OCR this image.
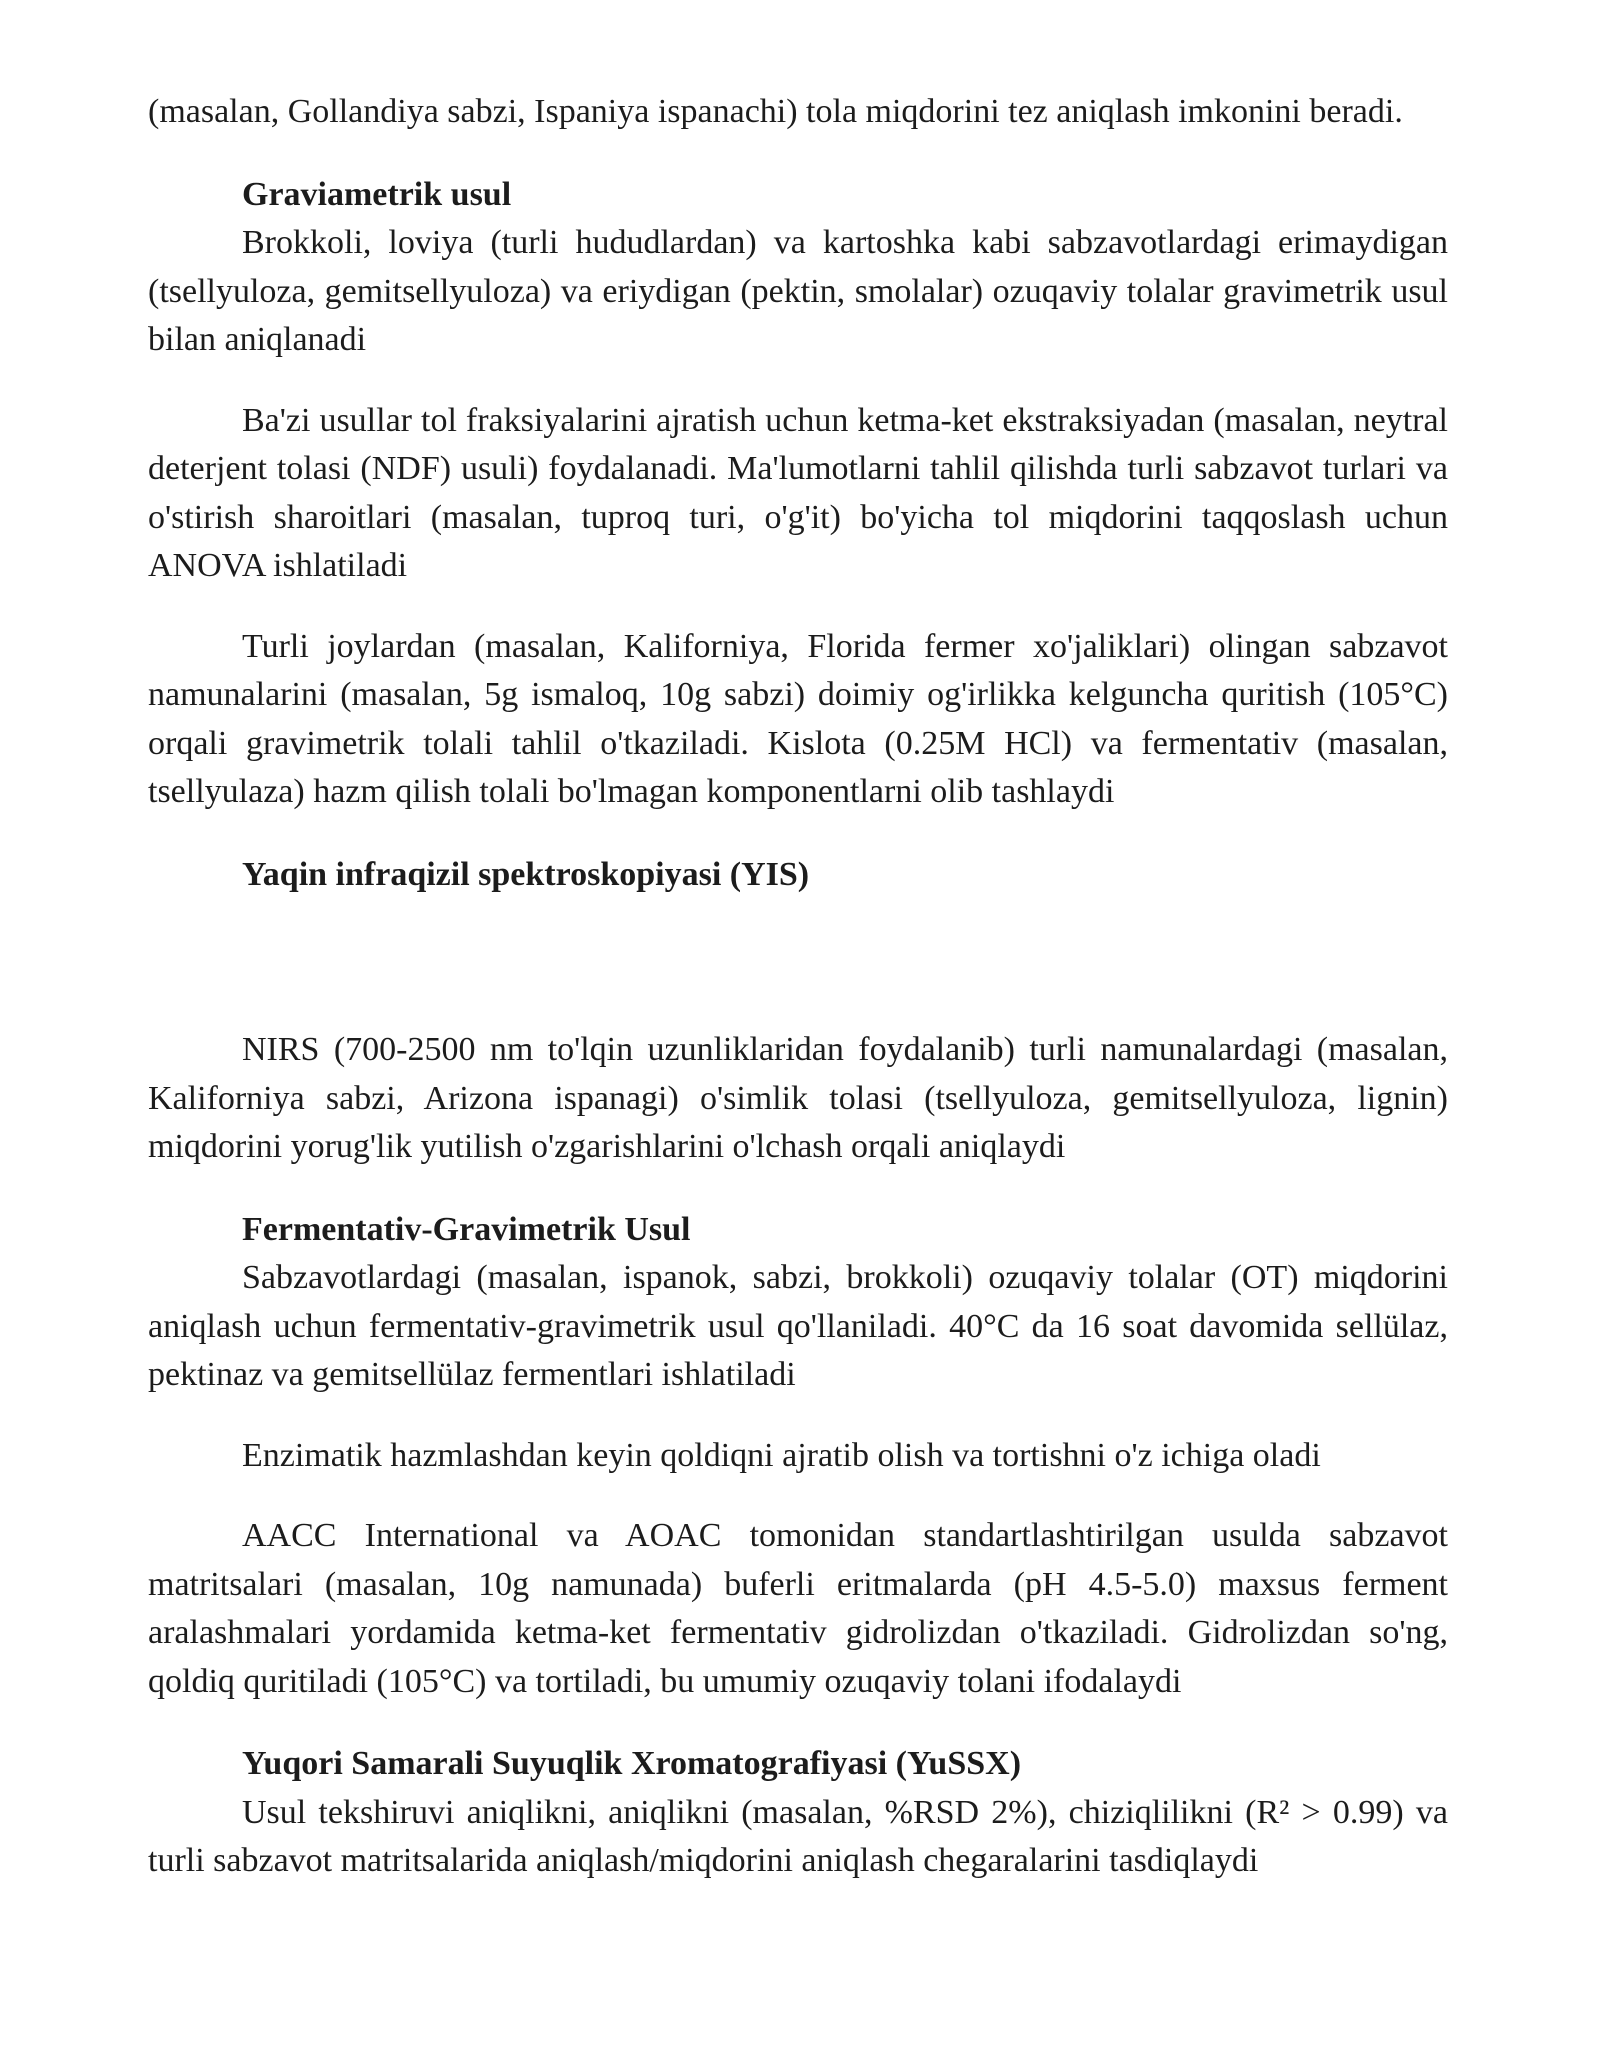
(masalan, Gollandiya sabzi, Ispaniya ispanachi) tola miqdorini tez aniqlash imkonini beradi.

Graviametrik usul

Brokkoli, loviya (turli hududlardan) va kartoshka kabi sabzavotlardagi erimaydigan (tsellyuloza, gemitsellyuloza) va eriydigan (pektin, smolalar) ozuqaviy tolalar gravimetrik usul bilan aniqlanadi

Ba'zi usullar tol fraksiyalarini ajratish uchun ketma-ket ekstraksiyadan (masalan, neytral deterjent tolasi (NDF) usuli) foydalanadi. Ma'lumotlarni tahlil qilishda turli sabzavot turlari va o'stirish sharoitlari (masalan, tuproq turi, o'g'it) bo'yicha tol miqdorini taqqoslash uchun ANOVA ishlatiladi

Turli joylardan (masalan, Kaliforniya, Florida fermer xo'jaliklari) olingan sabzavot namunalarini (masalan, 5g ismaloq, 10g sabzi) doimiy og'irlikka kelguncha quritish (105°C) orqali gravimetrik tolali tahlil o'tkaziladi. Kislota (0.25M HCl) va fermentativ (masalan, tsellyulaza) hazm qilish tolali bo'lmagan komponentlarni olib tashlaydi

Yaqin infraqizil spektroskopiyasi (YIS)

NIRS (700-2500 nm to'lqin uzunliklaridan foydalanib) turli namunalardagi (masalan, Kaliforniya sabzi, Arizona ispanagi) o'simlik tolasi (tsellyuloza, gemitsellyuloza, lignin) miqdorini yorug'lik yutilish o'zgarishlarini o'lchash orqali aniqlaydi

Fermentativ-Gravimetrik Usul

Sabzavotlardagi (masalan, ispanok, sabzi, brokkoli) ozuqaviy tolalar (OT) miqdorini aniqlash uchun fermentativ-gravimetrik usul qo'llaniladi. 40°C da 16 soat davomida sellülaz, pektinaz va gemitsellülaz fermentlari ishlatiladi

Enzimatik hazmlashdan keyin qoldiqni ajratib olish va tortishni o'z ichiga oladi

AACC International va AOAC tomonidan standartlashtirilgan usulda sabzavot matritsalari (masalan, 10g namunada) buferli eritmalarda (pH 4.5-5.0) maxsus ferment aralashmalari yordamida ketma-ket fermentativ gidrolizdan o'tkaziladi. Gidrolizdan so'ng, qoldiq quritiladi (105°C) va tortiladi, bu umumiy ozuqaviy tolani ifodalaydi

Yuqori Samarali Suyuqlik Xromatografiyasi (YuSSX)

Usul tekshiruvi aniqlikni, aniqlikni (masalan, %RSD 2%), chiziqlilikni (R² > 0.99) va turli sabzavot matritsalarida aniqlash/miqdorini aniqlash chegaralarini tasdiqlaydi
